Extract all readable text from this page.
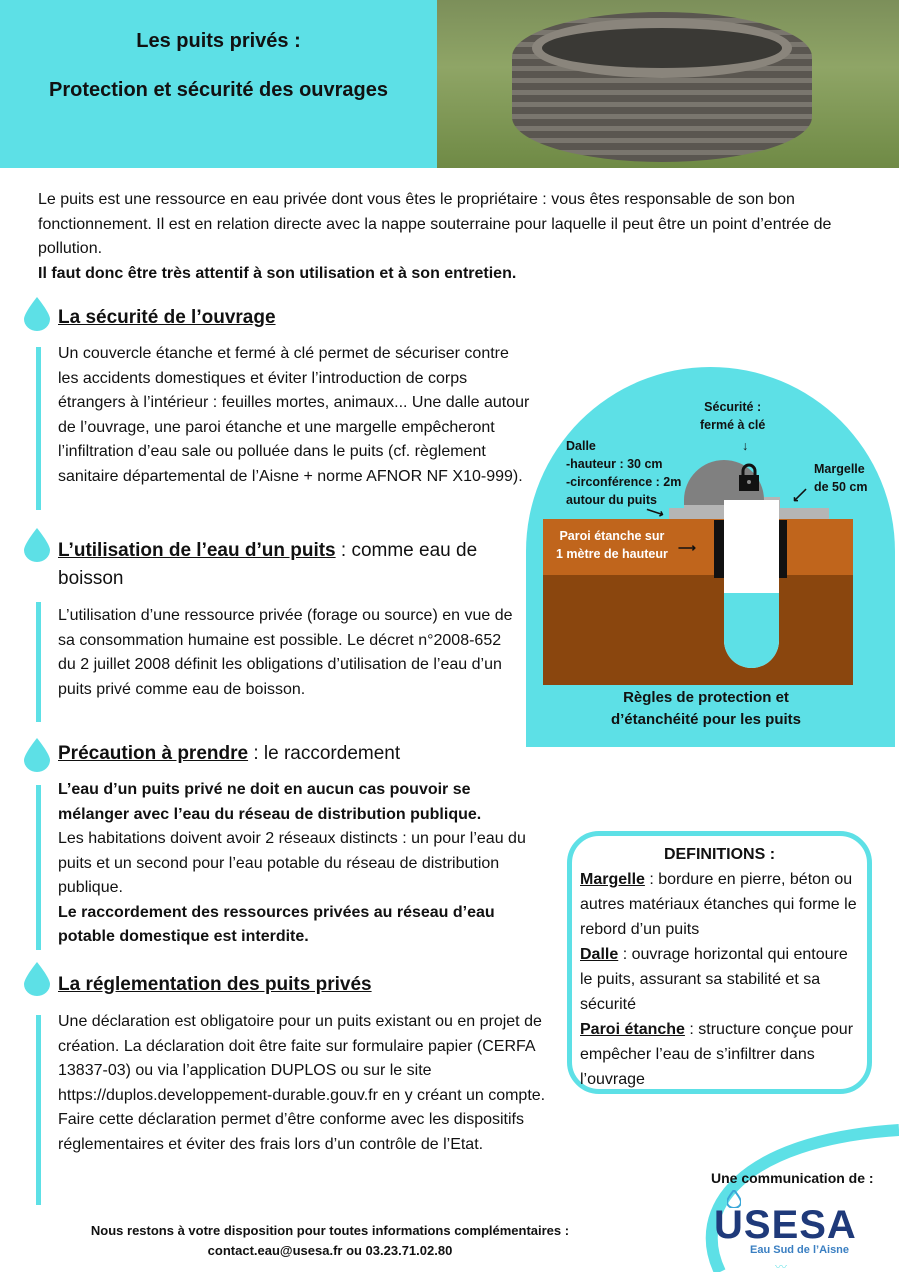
Les puits privés :
Protection et sécurité des ouvrages
Le puits est une ressource en eau privée dont vous êtes le propriétaire : vous êtes responsable de son bon fonctionnement. Il est en relation directe avec la nappe souterraine pour laquelle il peut être un point d’entrée de pollution.
Il faut donc être très attentif à son utilisation et à son entretien.
La sécurité de l’ouvrage
Un couvercle étanche et fermé à clé permet de sécuriser contre les accidents domestiques et éviter l’introduction de corps étrangers à l’intérieur : feuilles mortes, animaux... Une dalle autour de l’ouvrage, une paroi étanche et une margelle empêcheront l’infiltration d’eau sale ou polluée dans le puits (cf. règlement sanitaire départemental de l’Aisne + norme AFNOR NF X10-999).
L’utilisation de l’eau d’un puits : comme eau de boisson
L’utilisation d’une ressource privée (forage ou source) en vue de sa consommation humaine est possible. Le décret n°2008-652 du 2 juillet 2008 définit les obligations d’utilisation de l’eau d’un puits privé comme eau de boisson.
Précaution à prendre : le raccordement
L’eau d’un puits privé ne doit en aucun cas pouvoir se mélanger avec l’eau du réseau de distribution publique.
Les habitations doivent avoir 2 réseaux distincts : un pour l’eau du puits et un second pour l’eau potable du réseau de distribution publique.
Le raccordement des ressources privées au réseau d’eau potable domestique est interdite.
La réglementation des puits privés
Une déclaration est obligatoire pour un puits existant ou en projet de création. La déclaration doit être faite sur formulaire papier (CERFA 13837-03) ou via l’application DUPLOS ou sur le site https://duplos.developpement-durable.gouv.fr en y créant un compte.
Faire cette déclaration permet d’être conforme avec les dispositifs réglementaires et éviter des frais lors d’un contrôle de l’Etat.
Sécurité :
fermé à clé
↓
Dalle
-hauteur : 30 cm
-circonférence : 2m
autour du puits
⟶
Margelle
de 50 cm
⟵
Paroi étanche sur
1 mètre de hauteur ⟶
Règles de protection et
d’étanchéité pour les puits
DEFINITIONS :
Margelle : bordure en pierre, béton ou autres matériaux étanches qui forme le rebord d’un puits
Dalle : ouvrage horizontal qui entoure le puits, assurant sa stabilité et sa sécurité
Paroi étanche : structure conçue pour empêcher l’eau de s’infiltrer dans l’ouvrage
Une communication de :
USESA
Eau Sud de l’Aisne
〰
Nous restons à votre disposition pour toutes informations complémentaires :
contact.eau@usesa.fr ou 03.23.71.02.80
